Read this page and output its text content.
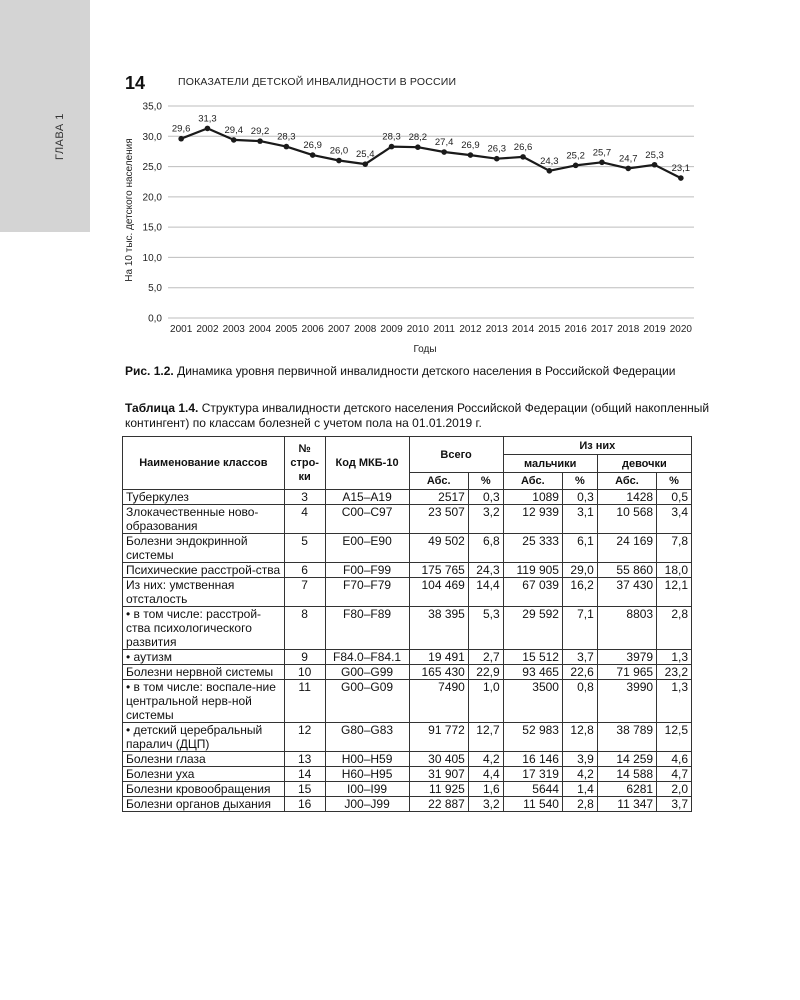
ГЛАВА 1
14	ПОКАЗАТЕЛИ ДЕТСКОЙ ИНВАЛИДНОСТИ В РОССИИ
0,0
5,0
10,0
15,0
20,0
25,0
30,0
35,0
2001 2002 2003 2004 2005 2006 2007 2008 2009 2010 2011 2012 2013 2014 2015 2016 2017 2018 2019 2020
29,6
31,3
29,4 29,2 28,3
26,9 26,0 25,4
28,3 28,2 27,4 26,9 26,3 26,6
24,3 25,2 25,7
24,7 25,3
23,1
На 10 тыс. детского населения
Годы
Рис. 1.2. Динамика уровня первичной инвалидности детского населения в Российской Федерации
Таблица 1.4. Структура инвалидности детского населения Российской Федерации (общий накопленный контингент) по классам болезней с учетом пола на 01.01.2019 г.
Наименование классов	№ стро-ки	Код МКБ-10	Всего		Из них			
					мальчики		девочки	
			Абс.	%	Абс.	%	Абс.	%
Туберкулез	3	A15–A19	2517	0,3	1089	0,3	1428	0,5
Злокачественные ново-образования	4	C00–C97	23 507	3,2	12 939	3,1	10 568	3,4
Болезни эндокринной системы	5	E00–E90	49 502	6,8	25 333	6,1	24 169	7,8
Психические расстрой-ства	6	F00–F99	175 765	24,3	119 905	29,0	55 860	18,0
Из них: умственная отсталость	7	F70–F79	104 469	14,4	67 039	16,2	37 430	12,1
• в том числе: расстрой-ства психологического развития	8	F80–F89	38 395	5,3	29 592	7,1	8803	2,8
• аутизм	9	F84.0–F84.1	19 491	2,7	15 512	3,7	3979	1,3
Болезни нервной системы	10	G00–G99	165 430	22,9	93 465	22,6	71 965	23,2
• в том числе: воспале-ние центральной нерв-ной системы	11	G00–G09	7490	1,0	3500	0,8	3990	1,3
• детский церебральный паралич (ДЦП)	12	G80–G83	91 772	12,7	52 983	12,8	38 789	12,5
Болезни глаза	13	H00–H59	30 405	4,2	16 146	3,9	14 259	4,6
Болезни уха	14	H60–H95	31 907	4,4	17 319	4,2	14 588	4,7
Болезни кровообращения	15	I00–I99	11 925	1,6	5644	1,4	6281	2,0
Болезни органов дыхания	16	J00–J99	22 887	3,2	11 540	2,8	11 347	3,7
